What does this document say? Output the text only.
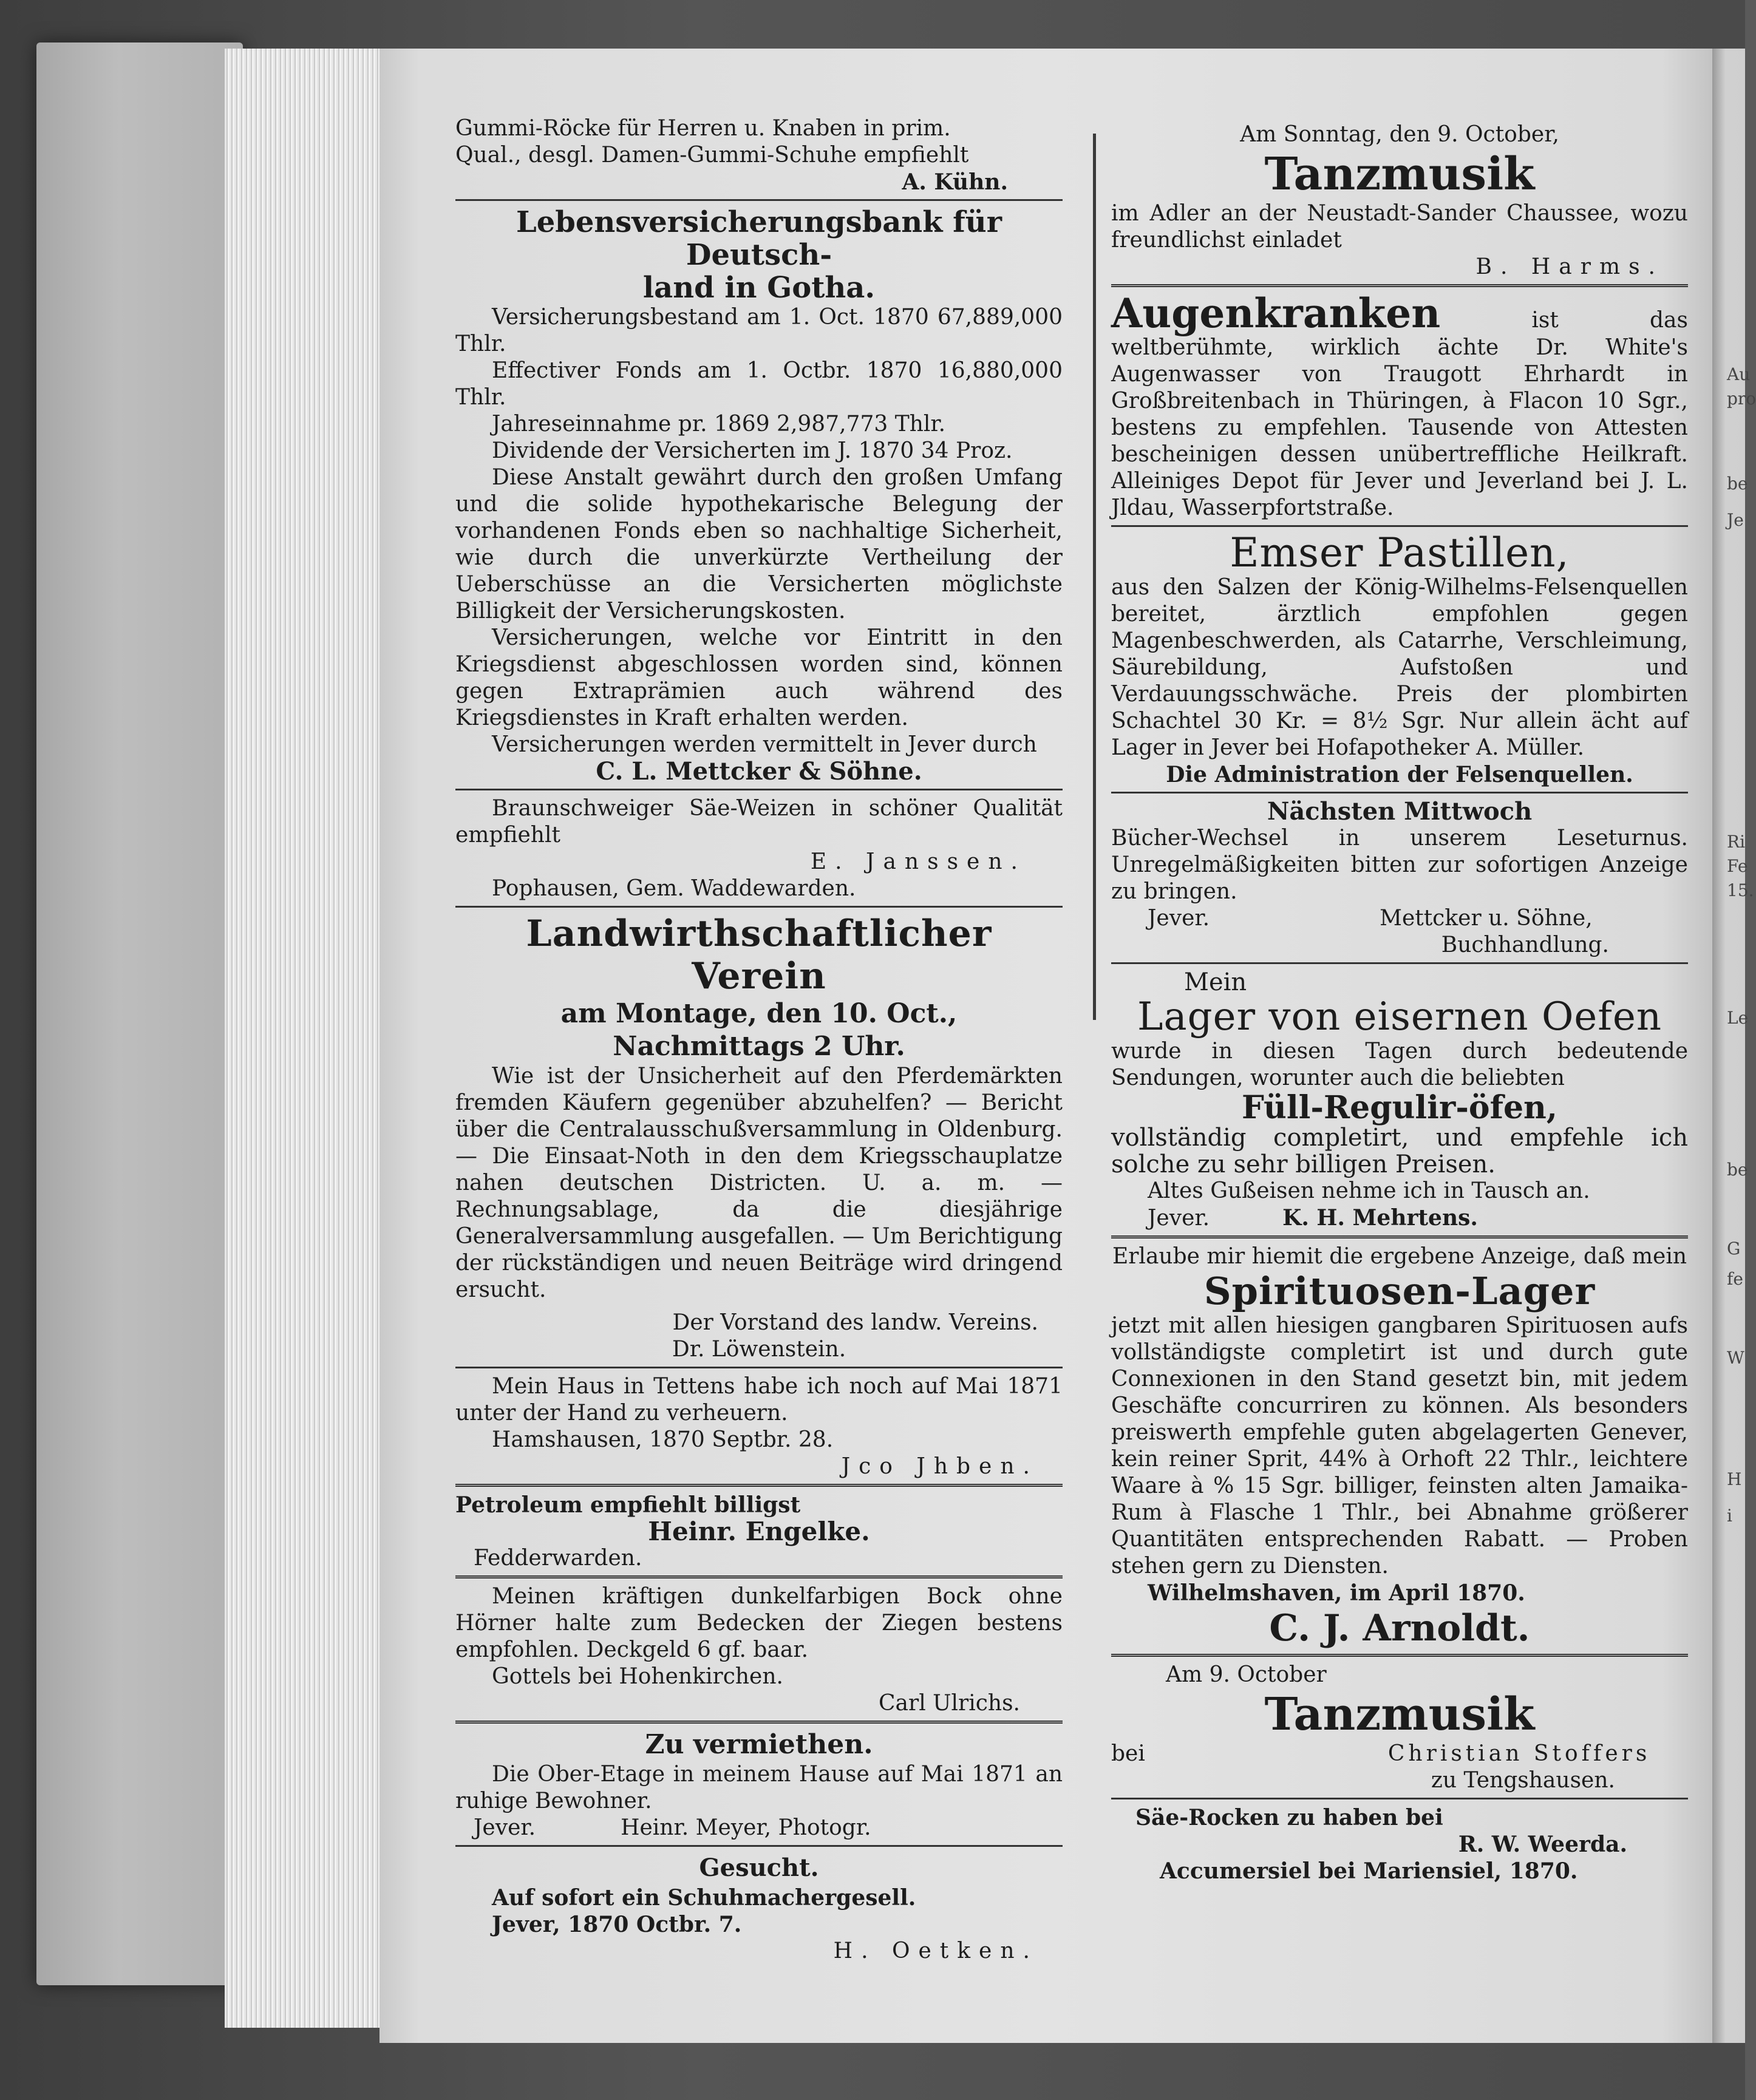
Au
pro
be
Je
Ri
Fe
15.
Le
be
G
fe
W
H
i

Gummi-Röcke für Herren u. Knaben in prim.

Qual., desgl. Damen-Gummi-Schuhe empfiehlt

A. Kühn.

Lebensversicherungsbank für Deutsch-

land in Gotha.

Versicherungsbestand am 1. Oct. 1870 67,889,000 Thlr.

Effectiver Fonds am 1. Octbr. 1870 16,880,000 Thlr.

Jahreseinnahme pr. 1869 2,987,773 Thlr.

Dividende der Versicherten im J. 1870 34 Proz.

Diese Anstalt gewährt durch den großen Umfang und die solide hypothekarische Belegung der vorhandenen Fonds eben so nachhaltige Sicherheit, wie durch die unverkürzte Vertheilung der Ueberschüsse an die Versicherten möglichste Billigkeit der Versicherungskosten.

Versicherungen, welche vor Eintritt in den Kriegsdienst abgeschlossen worden sind, können gegen Extraprämien auch während des Kriegsdienstes in Kraft erhalten werden.

Versicherungen werden vermittelt in Jever durch

C. L. Mettcker & Söhne.

Braunschweiger Säe-Weizen in schöner Qualität empfiehlt

E. Janssen.

Pophausen, Gem. Waddewarden.

Landwirthschaftlicher Verein

am Montage, den 10. Oct.,

Nachmittags 2 Uhr.

Wie ist der Unsicherheit auf den Pferdemärkten fremden Käufern gegenüber abzuhelfen? — Bericht über die Centralausschußversammlung in Oldenburg. — Die Einsaat-Noth in den dem Kriegsschauplatze nahen deutschen Districten. U. a. m. — Rechnungsablage, da die diesjährige Generalversammlung ausgefallen. — Um Berichtigung der rückständigen und neuen Beiträge wird dringend ersucht.

Der Vorstand des landw. Vereins.

Dr. Löwenstein.

Mein Haus in Tettens habe ich noch auf Mai 1871 unter der Hand zu verheuern.

Hamshausen, 1870 Septbr. 28.

Jco Jhben.

Petroleum empfiehlt billigst

Heinr. Engelke.

Fedderwarden.

Meinen kräftigen dunkelfarbigen Bock ohne Hörner halte zum Bedecken der Ziegen bestens empfohlen. Deckgeld 6 gf. baar.

Gottels bei Hohenkirchen.

Carl Ulrichs.

Zu vermiethen.

Die Ober-Etage in meinem Hause auf Mai 1871 an ruhige Bewohner.

Jever.	Heinr. Meyer, Photogr.

Gesucht.

Auf sofort ein Schuhmachergesell.

Jever, 1870 Octbr. 7.

H. Oetken.

Am Sonntag, den 9. October,

Tanzmusik

im Adler an der Neustadt-Sander Chaussee, wozu freundlichst einladet

B. Harms.

Augenkranken	ist das weltberühmte, wirklich ächte Dr. White's Augenwasser von Traugott Ehrhardt in Großbreitenbach in Thüringen, à Flacon 10 Sgr., bestens zu empfehlen. Tausende von Attesten bescheinigen dessen unübertreffliche Heilkraft. Alleiniges Depot für Jever und Jeverland bei J. L. Jldau, Wasserpfortstraße.

Emser Pastillen,

aus den Salzen der König-Wilhelms-Felsenquellen bereitet, ärztlich empfohlen gegen Magenbeschwerden, als Catarrhe, Verschleimung, Säurebildung, Aufstoßen und Verdauungsschwäche. Preis der plombirten Schachtel 30 Kr. = 8½ Sgr. Nur allein ächt auf Lager in Jever bei Hofapotheker A. Müller.

Die Administration der Felsenquellen.

Nächsten Mittwoch

Bücher-Wechsel in unserem Leseturnus. Unregelmäßigkeiten bitten zur sofortigen Anzeige zu bringen.

Jever.	Mettcker u. Söhne,

Buchhandlung.

Mein

Lager von eisernen Oefen

wurde in diesen Tagen durch bedeutende Sendungen, worunter auch die beliebten

Füll-Regulir-öfen,

vollständig completirt, und empfehle ich solche zu sehr billigen Preisen.

Altes Gußeisen nehme ich in Tausch an.

Jever.	K. H. Mehrtens.

Erlaube mir hiemit die ergebene Anzeige, daß mein

Spirituosen-Lager

jetzt mit allen hiesigen gangbaren Spirituosen aufs vollständigste completirt ist und durch gute Connexionen in den Stand gesetzt bin, mit jedem Geschäfte concurriren zu können. Als besonders preiswerth empfehle guten abgelagerten Genever, kein reiner Sprit, 44% à Orhoft 22 Thlr., leichtere Waare à % 15 Sgr. billiger, feinsten alten Jamaika-Rum à Flasche 1 Thlr., bei Abnahme größerer Quantitäten entsprechenden Rabatt. — Proben stehen gern zu Diensten.

Wilhelmshaven, im April 1870.

C. J. Arnoldt.

Am 9. October

Tanzmusik

bei	Christian Stoffers

zu Tengshausen.

Säe-Rocken zu haben bei

R. W. Weerda.

Accumersiel bei Mariensiel, 1870.
